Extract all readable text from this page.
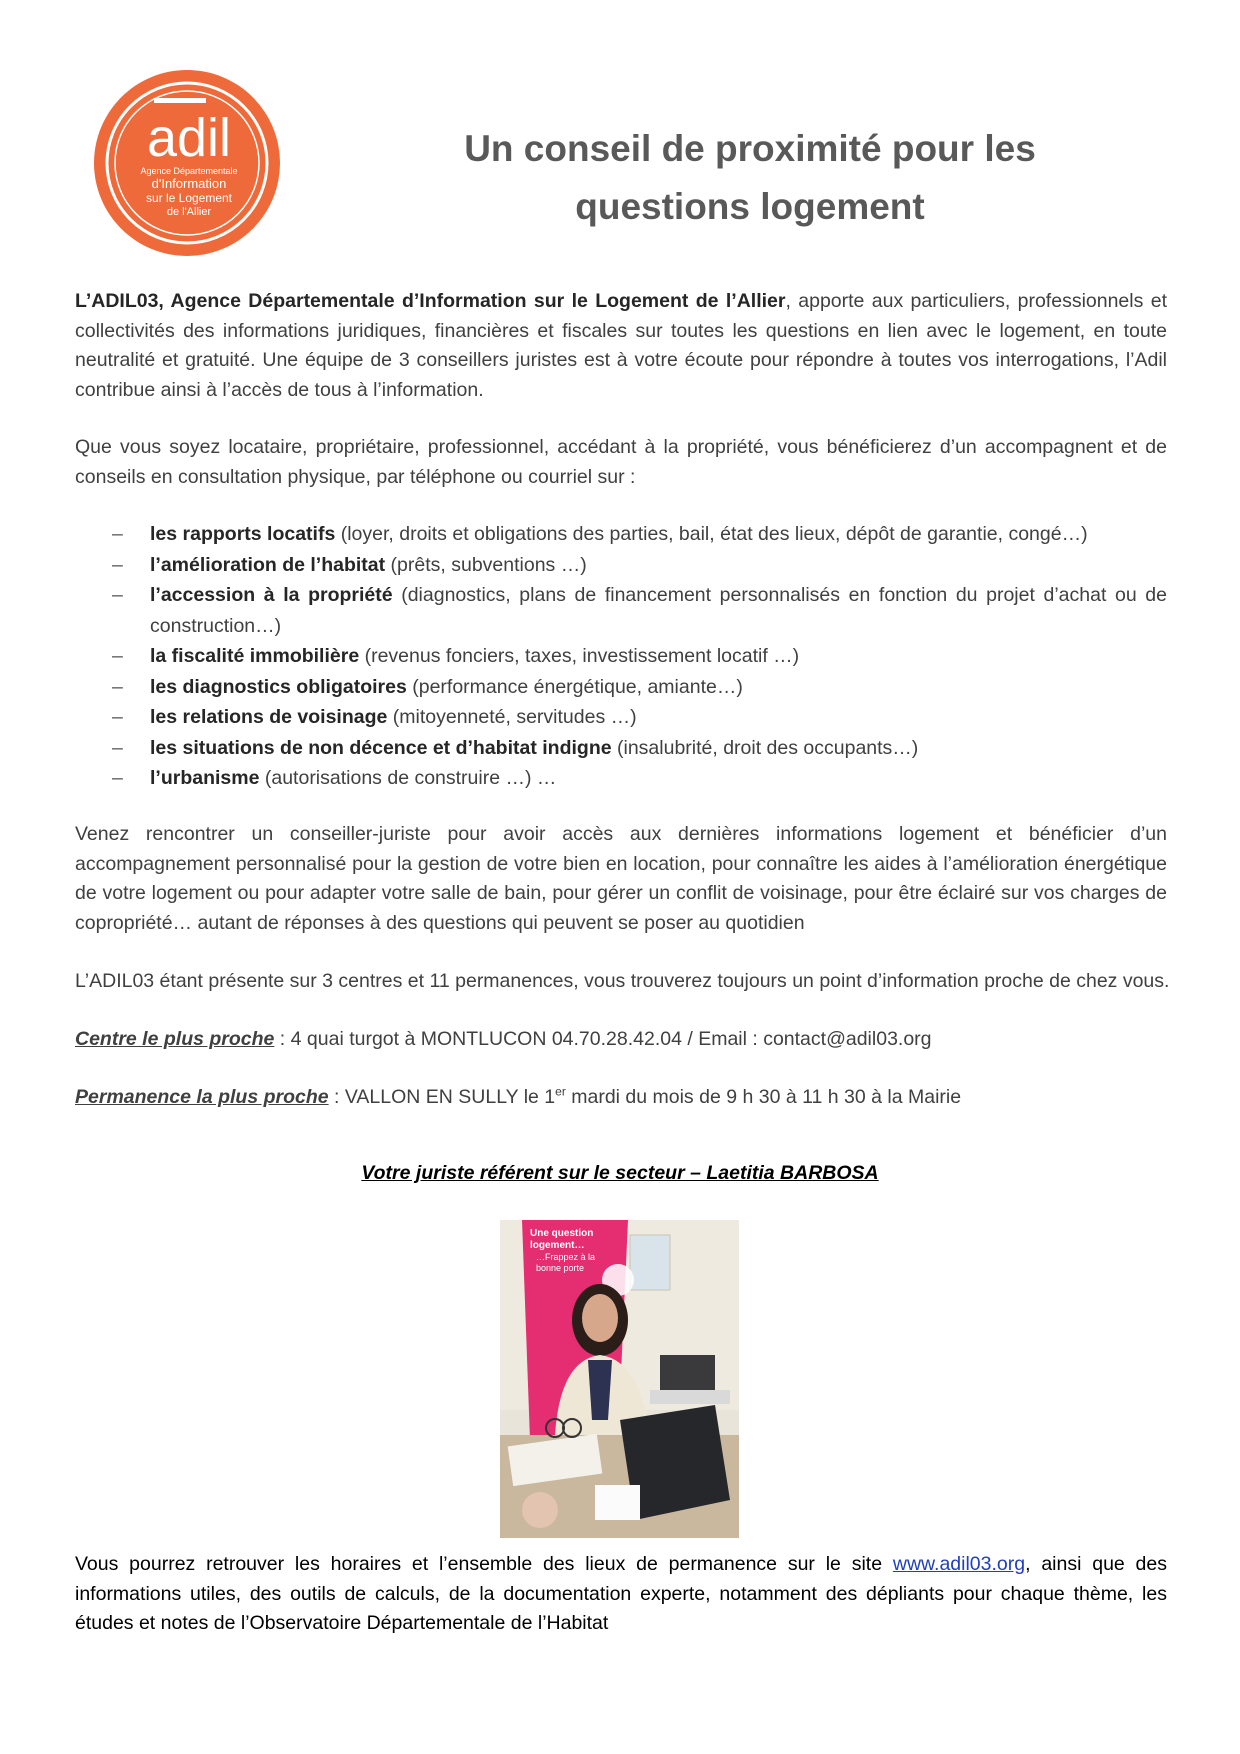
adil
Agence Départementale
d'Information
sur le Logement
de l'Allier
Un conseil de proximité pour les
questions logement
L’ADIL03, Agence Départementale d’Information sur le Logement de l’Allier, apporte aux particuliers, professionnels et collectivités des informations juridiques, financières et fiscales sur toutes les questions en lien avec le logement, en toute neutralité et gratuité. Une équipe de 3 conseillers juristes est à votre écoute pour répondre à toutes vos interrogations, l’Adil contribue ainsi à l’accès de tous à l’information.
Que vous soyez locataire, propriétaire, professionnel, accédant à la propriété, vous bénéficierez d’un accompagnent et de conseils en consultation physique, par téléphone ou courriel sur :
– les rapports locatifs (loyer, droits et obligations des parties, bail, état des lieux, dépôt de garantie, congé…)
– l’amélioration de l’habitat (prêts, subventions …)
– l’accession à la propriété (diagnostics, plans de financement personnalisés en fonction du projet d’achat ou de construction…)
– la fiscalité immobilière (revenus fonciers, taxes, investissement locatif …)
– les diagnostics obligatoires (performance énergétique, amiante…)
– les relations de voisinage (mitoyenneté, servitudes …)
– les situations de non décence et d’habitat indigne (insalubrité, droit des occupants…)
– l’urbanisme (autorisations de construire …) …
Venez rencontrer un conseiller-juriste pour avoir accès aux dernières informations logement et bénéficier d’un accompagnement personnalisé pour la gestion de votre bien en location, pour connaître les aides à l’amélioration énergétique de votre logement ou pour adapter votre salle de bain, pour gérer un conflit de voisinage, pour être éclairé sur vos charges de copropriété… autant de réponses à des questions qui peuvent se poser au quotidien
L’ADIL03 étant présente sur 3 centres et 11 permanences, vous trouverez toujours un point d’information proche de chez vous.
Centre le plus proche : 4 quai turgot à MONTLUCON 04.70.28.42.04 / Email : contact@adil03.org
Permanence la plus proche : VALLON EN SULLY le 1er mardi du mois de 9 h 30 à 11 h 30 à la Mairie
Votre juriste référent sur le secteur – Laetitia BARBOSA
Une question
logement…
…Frappez à la
bonne porte
Vous pourrez retrouver les horaires et l’ensemble des lieux de permanence sur le site www.adil03.org, ainsi que des informations utiles, des outils de calculs, de la documentation experte, notamment des dépliants pour chaque thème, les études et notes de l’Observatoire Départementale de l’Habitat
